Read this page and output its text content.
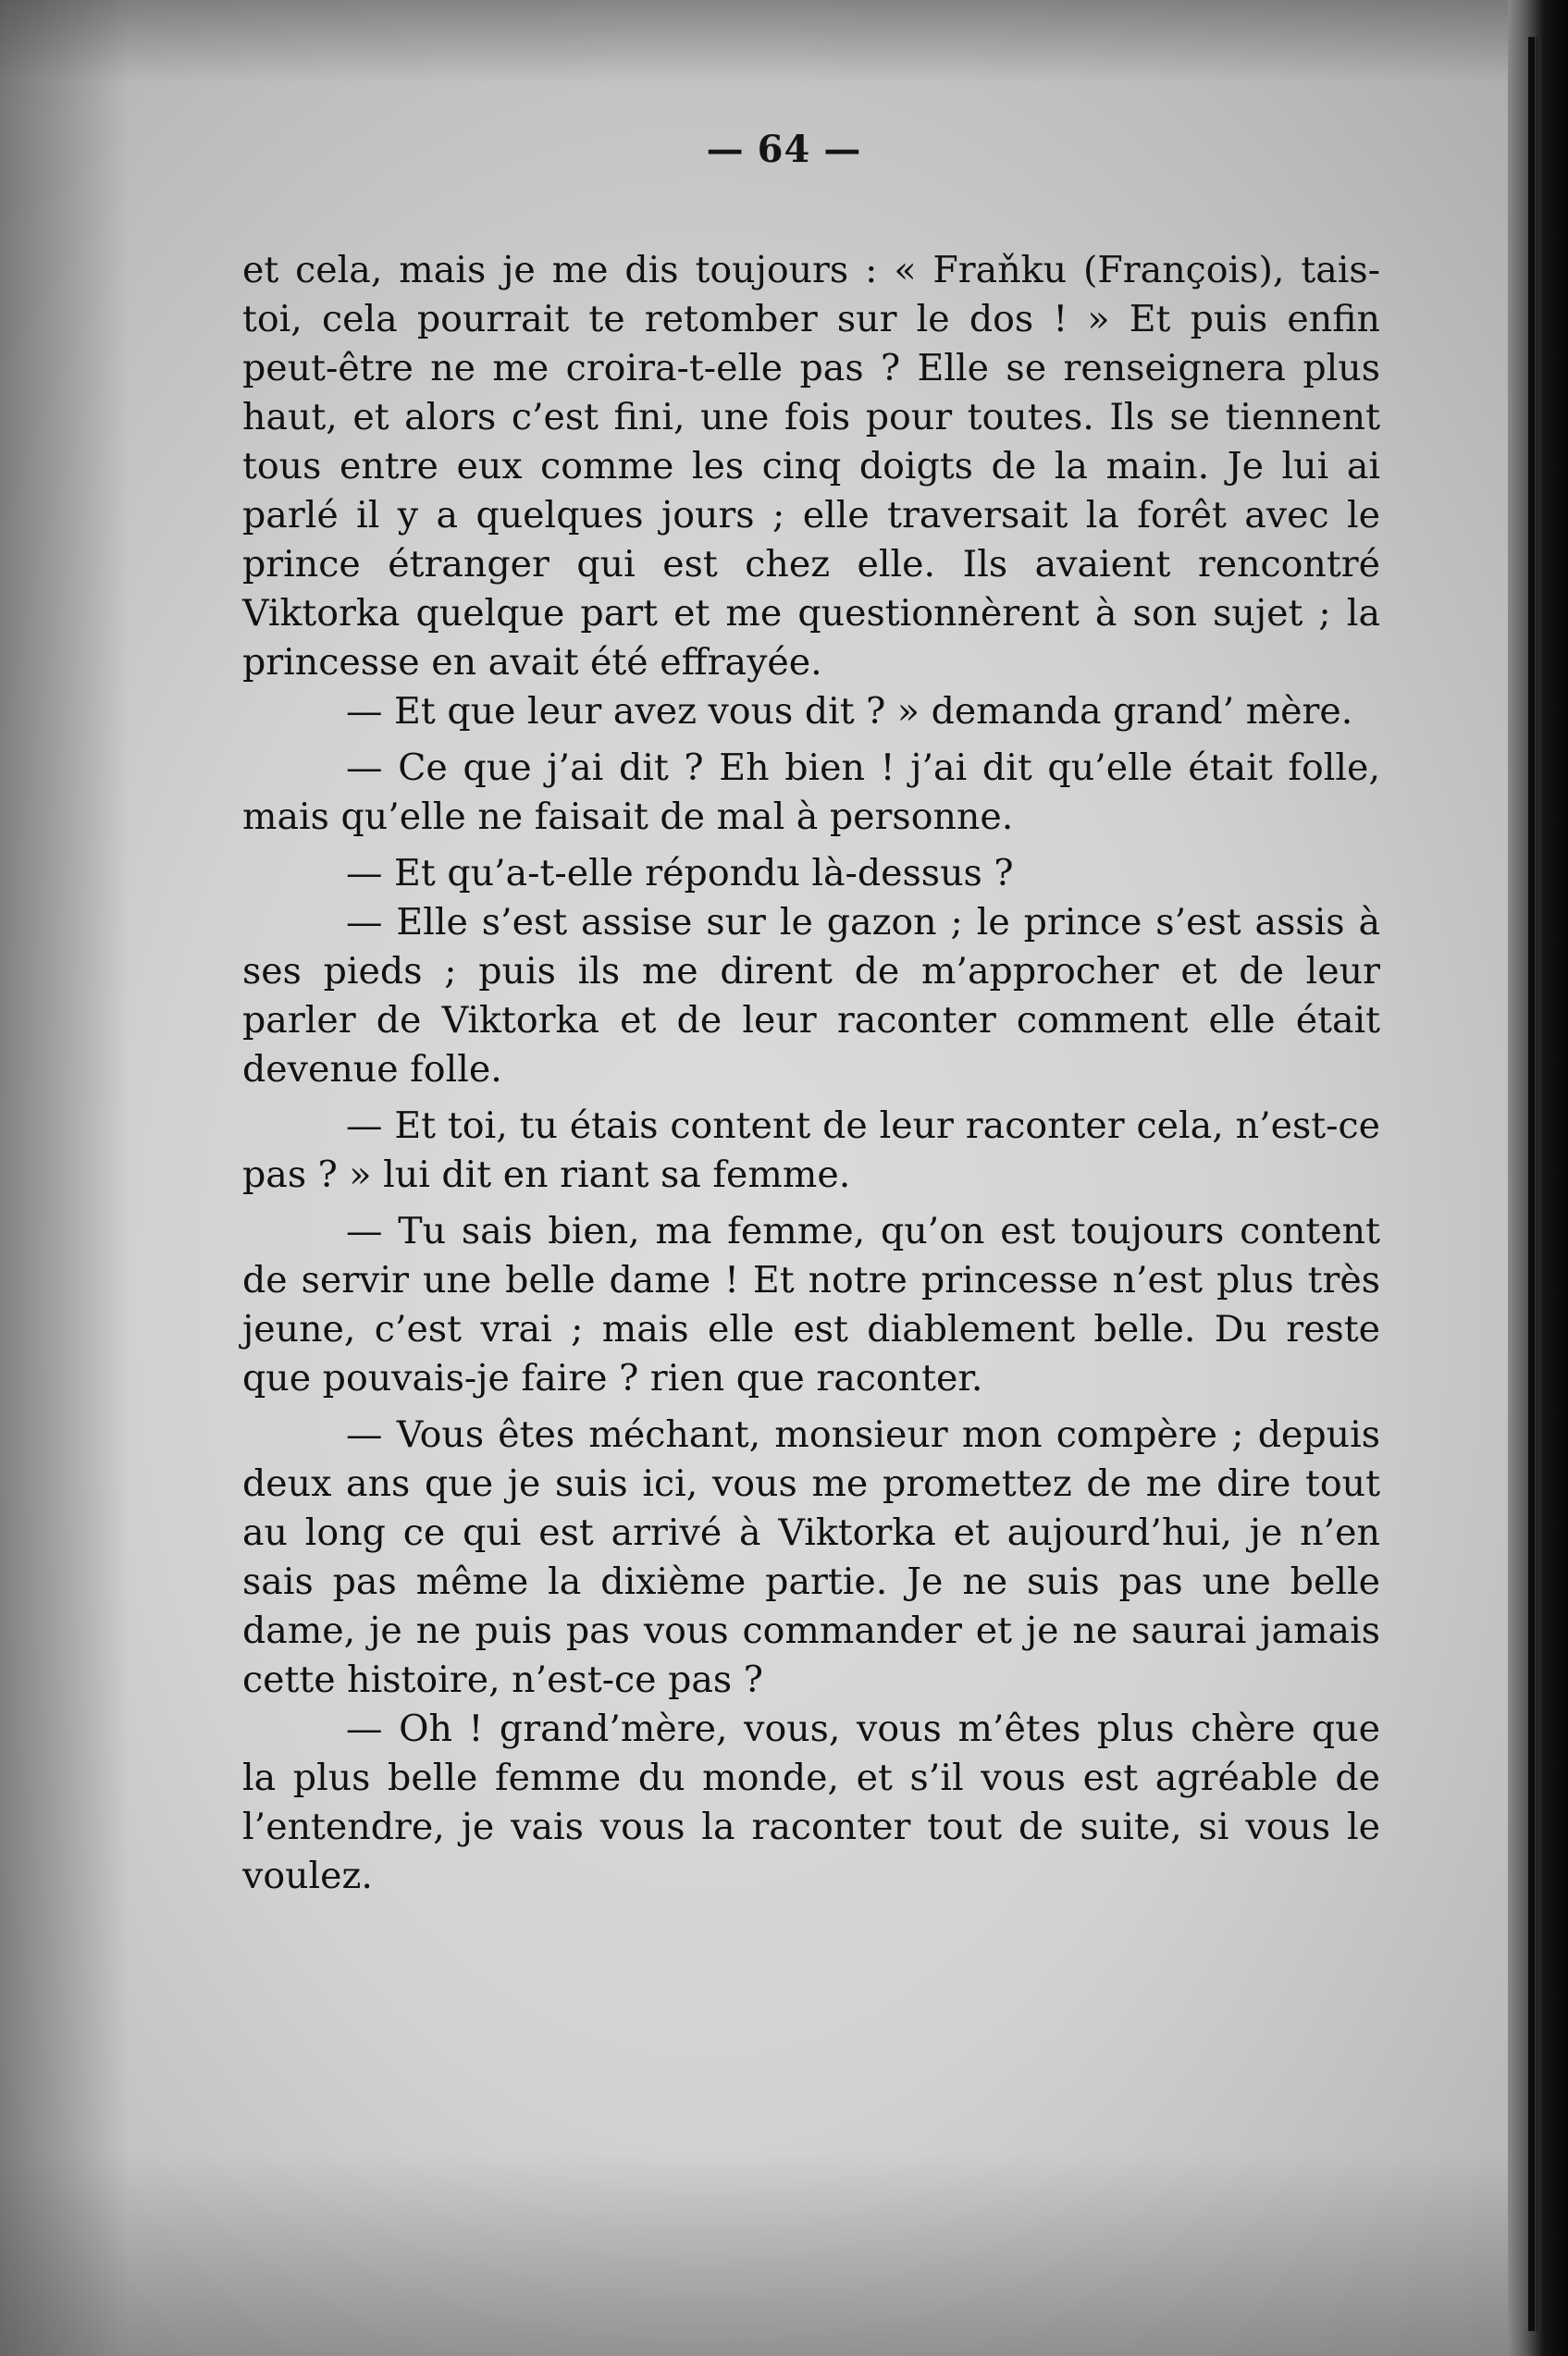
— 64 —

et cela, mais je me dis toujours : « Fraňku (François), tais-toi, cela pourrait te retomber sur le dos ! » Et puis enfin peut-être ne me croira-t-elle pas ? Elle se renseignera plus haut, et alors c’est fini, une fois pour toutes. Ils se tiennent tous entre eux comme les cinq doigts de la main. Je lui ai parlé il y a quelques jours ; elle traversait la forêt avec le prince étranger qui est chez elle. Ils avaient rencontré Viktorka quelque part et me questionnèrent à son sujet ; la princesse en avait été effrayée.

— Et que leur avez vous dit ? » demanda grand’ mère.

— Ce que j’ai dit ? Eh bien ! j’ai dit qu’elle était folle, mais qu’elle ne faisait de mal à personne.

— Et qu’a-t-elle répondu là-dessus ?

— Elle s’est assise sur le gazon ; le prince s’est assis à ses pieds ; puis ils me dirent de m’approcher et de leur parler de Viktorka et de leur raconter comment elle était devenue folle.

— Et toi, tu étais content de leur raconter cela, n’est-ce pas ? » lui dit en riant sa femme.

— Tu sais bien, ma femme, qu’on est toujours content de servir une belle dame ! Et notre princesse n’est plus très jeune, c’est vrai ; mais elle est diablement belle. Du reste que pouvais-je faire ? rien que raconter.

— Vous êtes méchant, monsieur mon compère ; depuis deux ans que je suis ici, vous me promettez de me dire tout au long ce qui est arrivé à Viktorka et aujourd’hui, je n’en sais pas même la dixième partie. Je ne suis pas une belle dame, je ne puis pas vous commander et je ne saurai jamais cette histoire, n’est-ce pas ?

— Oh ! grand’mère, vous, vous m’êtes plus chère que la plus belle femme du monde, et s’il vous est agréable de l’entendre, je vais vous la raconter tout de suite, si vous le voulez.
